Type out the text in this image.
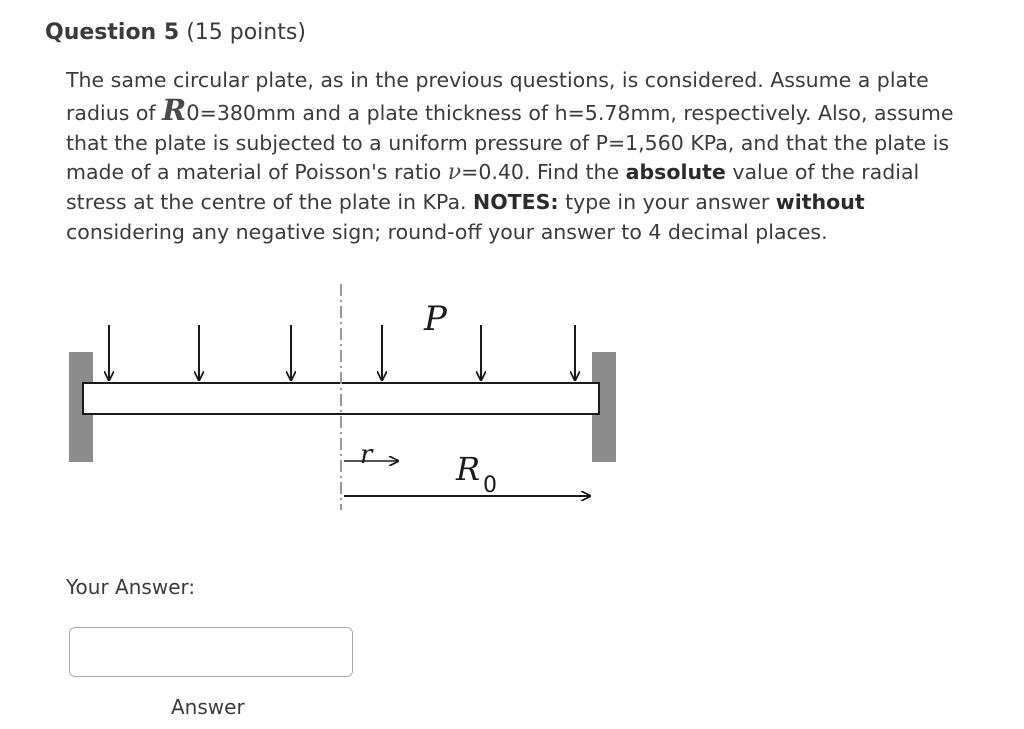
Question 5 (15 points)
The same circular plate, as in the previous questions, is considered. Assume a plate radius of R0=380mm and a plate thickness of h=5.78mm, respectively. Also, assume that the plate is subjected to a uniform pressure of P=1,560 KPa, and that the plate is made of a material of Poisson's ratio ν=0.40. Find the absolute value of the radial stress at the centre of the plate in KPa. NOTES: type in your answer without considering any negative sign; round-off your answer to 4 decimal places.
P
r	R 0
Your Answer:
Answer
